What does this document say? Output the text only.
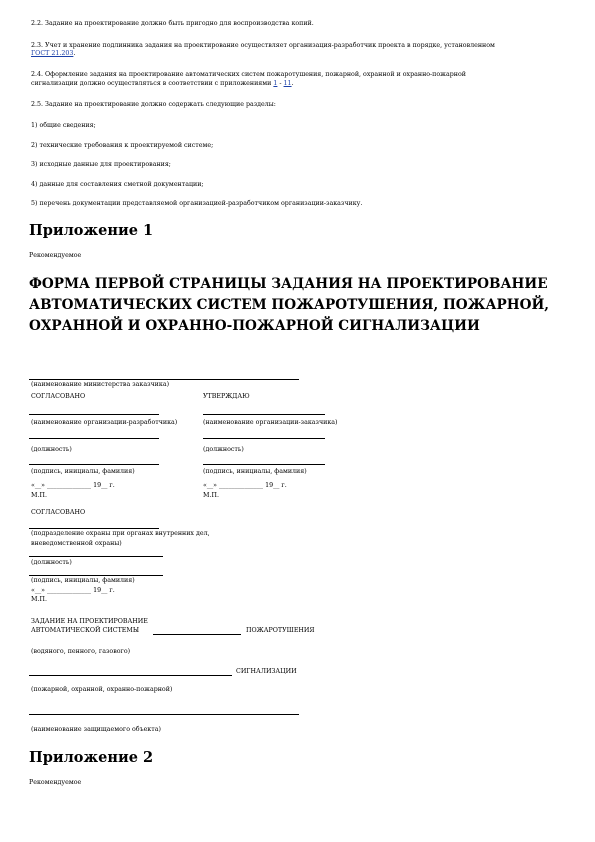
2.2. Задание на проектирование должно быть пригодно для воспроизводства копий.
2.3. Учет и хранение подлинника задания на проектирование осуществляет организация-разработчик проекта в порядке, установленном
ГОСТ 21.203.
2.4. Оформление задания на проектирование автоматических систем пожаротушения, пожарной, охранной и охранно-пожарной
сигнализации должно осуществляться в соответствии с приложениями 1 - 11.
2.5. Задание на проектирование должно содержать следующие разделы:
1) общие сведения;
2) технические требования к проектируемой системе;
3) исходные данные для проектирования;
4) данные для составления сметной документации;
5) перечень документации представляемой организацией-разработчиком организации-заказчику.
Приложение 1
Рекомендуемое
ФОРМА ПЕРВОЙ СТРАНИЦЫ ЗАДАНИЯ НА ПРОЕКТИРОВАНИЕ АВТОМАТИЧЕСКИХ СИСТЕМ ПОЖАРОТУШЕНИЯ, ПОЖАРНОЙ, ОХРАННОЙ И ОХРАННО-ПОЖАРНОЙ СИГНАЛИЗАЦИИ
(наименование министерства заказчика)
СОГЛАСОВАНО	УТВЕРЖДАЮ
(наименование организации-разработчика)	(наименование организации-заказчика)
(должность)	(должность)
(подпись, инициалы, фамилия)	(подпись, инициалы, фамилия)
«__» ______________ 19__ г.	«__» ______________ 19__ г.
М.П.	М.П.
СОГЛАСОВАНО
(подразделение охраны при органах внутренних дел,
вневедомственной охраны)
(должность)
(подпись, инициалы, фамилия)
«__» ______________ 19__ г.
М.П.
ЗАДАНИЕ НА ПРОЕКТИРОВАНИЕ
АВТОМАТИЧЕСКОЙ СИСТЕМЫ	ПОЖАРОТУШЕНИЯ
(водяного, пенного, газового)
СИГНАЛИЗАЦИИ
(пожарной, охранной, охранно-пожарной)
(наименование защищаемого объекта)
Приложение 2
Рекомендуемое
